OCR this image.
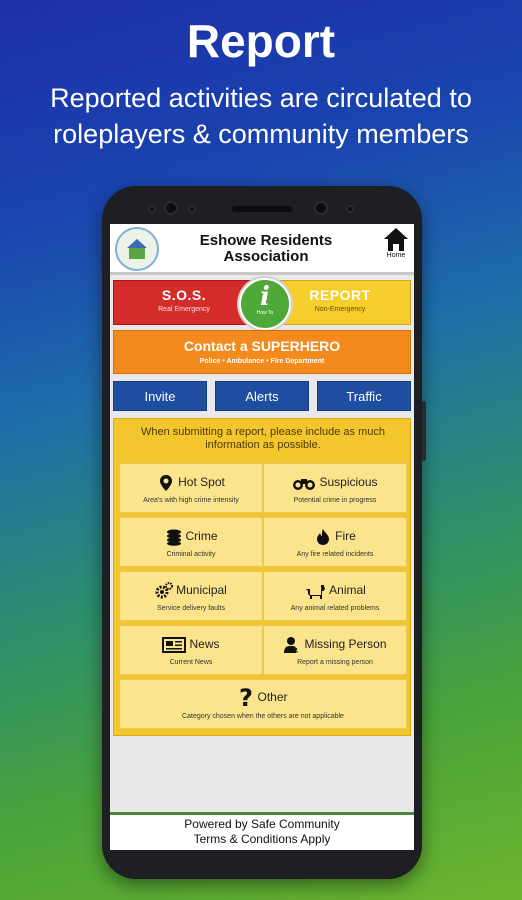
Report
Reported activities are circulated to
roleplayers & community members
Eshowe Residents
Association	Home
S.O.S.
Real Emergency
REPORT
Non-Emergency
i
How To
Contact a SUPERHERO
Police • Ambulance • Fire Department
Invite	Alerts	Traffic
When submitting a report, please include as much information as possible.
Hot Spot
Area's with high crime intensity
Suspicious
Potential crime in progress
Crime
Criminal activity
Fire
Any fire related incidents
Municipal
Service delivery faults
Animal
Any animal related problems
News
Current News
? Missing Person
Report a missing person
? Other
Category chosen when the others are not applicable
Powered by Safe Community
Terms & Conditions Apply
